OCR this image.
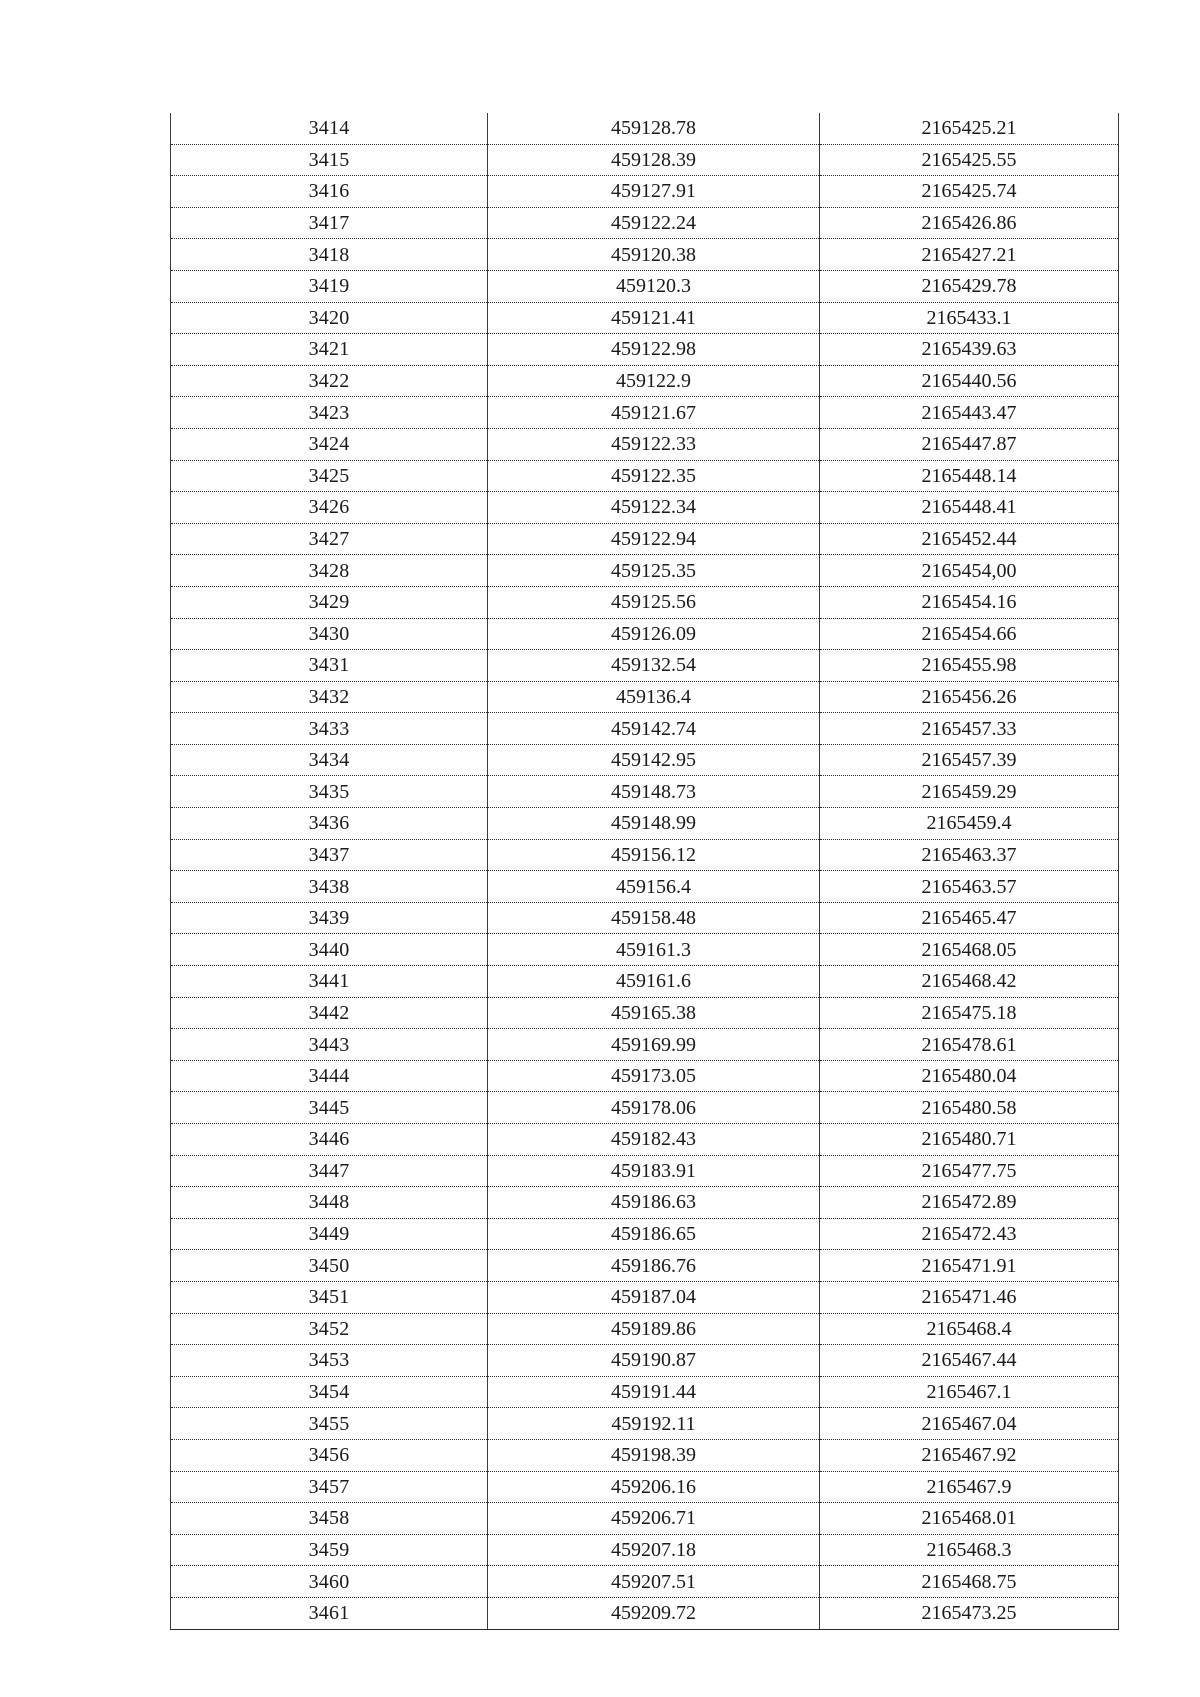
3414	459128.78	2165425.21
3415	459128.39	2165425.55
3416	459127.91	2165425.74
3417	459122.24	2165426.86
3418	459120.38	2165427.21
3419	459120.3	2165429.78
3420	459121.41	2165433.1
3421	459122.98	2165439.63
3422	459122.9	2165440.56
3423	459121.67	2165443.47
3424	459122.33	2165447.87
3425	459122.35	2165448.14
3426	459122.34	2165448.41
3427	459122.94	2165452.44
3428	459125.35	2165454,00
3429	459125.56	2165454.16
3430	459126.09	2165454.66
3431	459132.54	2165455.98
3432	459136.4	2165456.26
3433	459142.74	2165457.33
3434	459142.95	2165457.39
3435	459148.73	2165459.29
3436	459148.99	2165459.4
3437	459156.12	2165463.37
3438	459156.4	2165463.57
3439	459158.48	2165465.47
3440	459161.3	2165468.05
3441	459161.6	2165468.42
3442	459165.38	2165475.18
3443	459169.99	2165478.61
3444	459173.05	2165480.04
3445	459178.06	2165480.58
3446	459182.43	2165480.71
3447	459183.91	2165477.75
3448	459186.63	2165472.89
3449	459186.65	2165472.43
3450	459186.76	2165471.91
3451	459187.04	2165471.46
3452	459189.86	2165468.4
3453	459190.87	2165467.44
3454	459191.44	2165467.1
3455	459192.11	2165467.04
3456	459198.39	2165467.92
3457	459206.16	2165467.9
3458	459206.71	2165468.01
3459	459207.18	2165468.3
3460	459207.51	2165468.75
3461	459209.72	2165473.25
